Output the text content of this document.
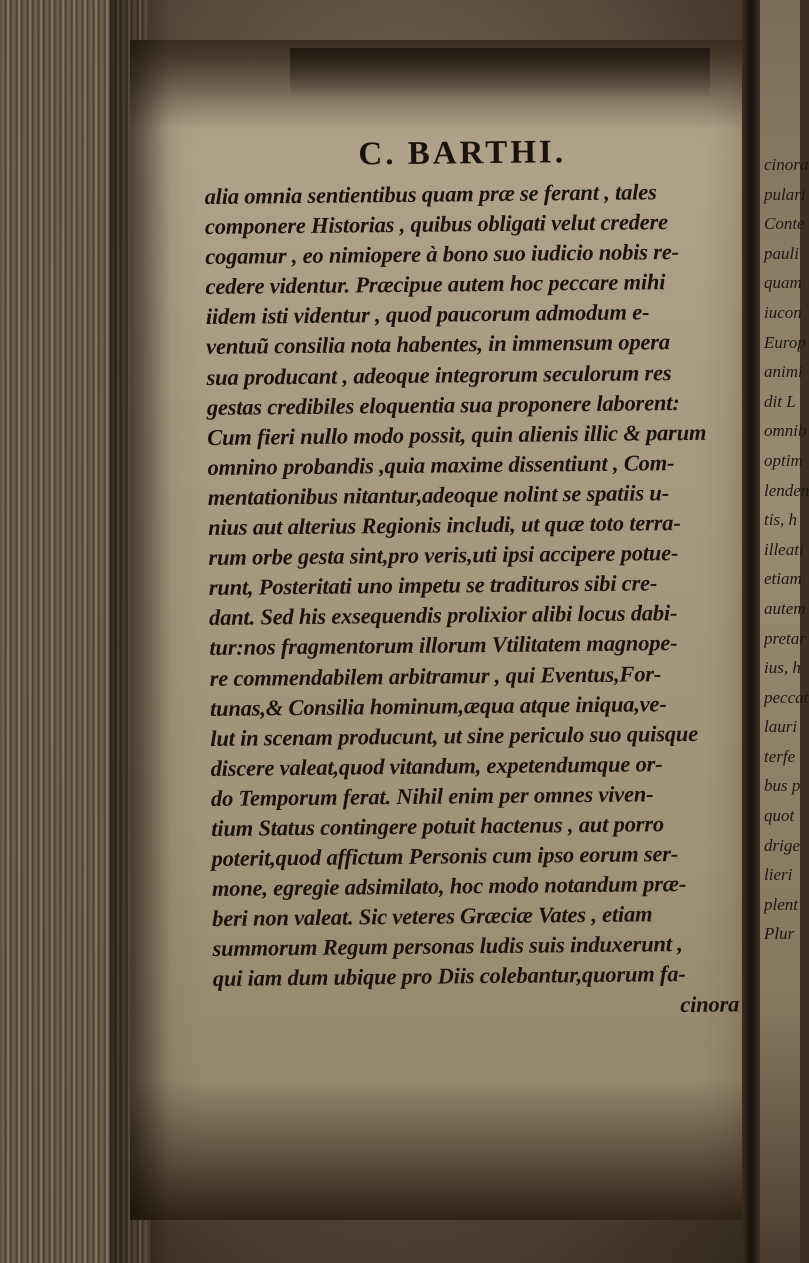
cinora
pulari
Conte
pauli
quam
iucon
Europ
animi
dit L
omnib
optim
lenden
tis, h
illeati
etiam
autem
pretar
ius, h
peccat
lauri
terfe
bus p
quot
drige
lieri
plent
Plur
C. BARTHI.
alia omnia sentientibus quam præ se ferant , tales
componere Historias , quibus obligati velut credere
cogamur , eo nimiopere à bono suo iudicio nobis re-
cedere videntur. Præcipue autem hoc peccare mihi
iidem isti videntur , quod paucorum admodum e-
ventuũ consilia nota habentes, in immensum opera
sua producant , adeoque integrorum seculorum res
gestas credibiles eloquentia sua proponere laborent:
Cum fieri nullo modo possit, quin alienis illic & parum
omnino probandis ,quia maxime dissentiunt , Com-
mentationibus nitantur,adeoque nolint se spatiis u-
nius aut alterius Regionis includi, ut quæ toto terra-
rum orbe gesta sint,pro veris,uti ipsi accipere potue-
runt, Posteritati uno impetu se tradituros sibi cre-
dant. Sed his exsequendis prolixior alibi locus dabi-
tur:nos fragmentorum illorum Vtilitatem magnope-
re commendabilem arbitramur , qui Eventus,For-
tunas,& Consilia hominum,æqua atque iniqua,ve-
lut in scenam producunt, ut sine periculo suo quisque
discere valeat,quod vitandum, expetendumque or-
do Temporum ferat. Nihil enim per omnes viven-
tium Status contingere potuit hactenus , aut porro
poterit,quod affictum Personis cum ipso eorum ser-
mone, egregie adsimilato, hoc modo notandum præ-
beri non valeat. Sic veteres Græciæ Vates , etiam
summorum Regum personas ludis suis induxerunt ,
qui iam dum ubique pro Diis colebantur,quorum fa-
cinora
